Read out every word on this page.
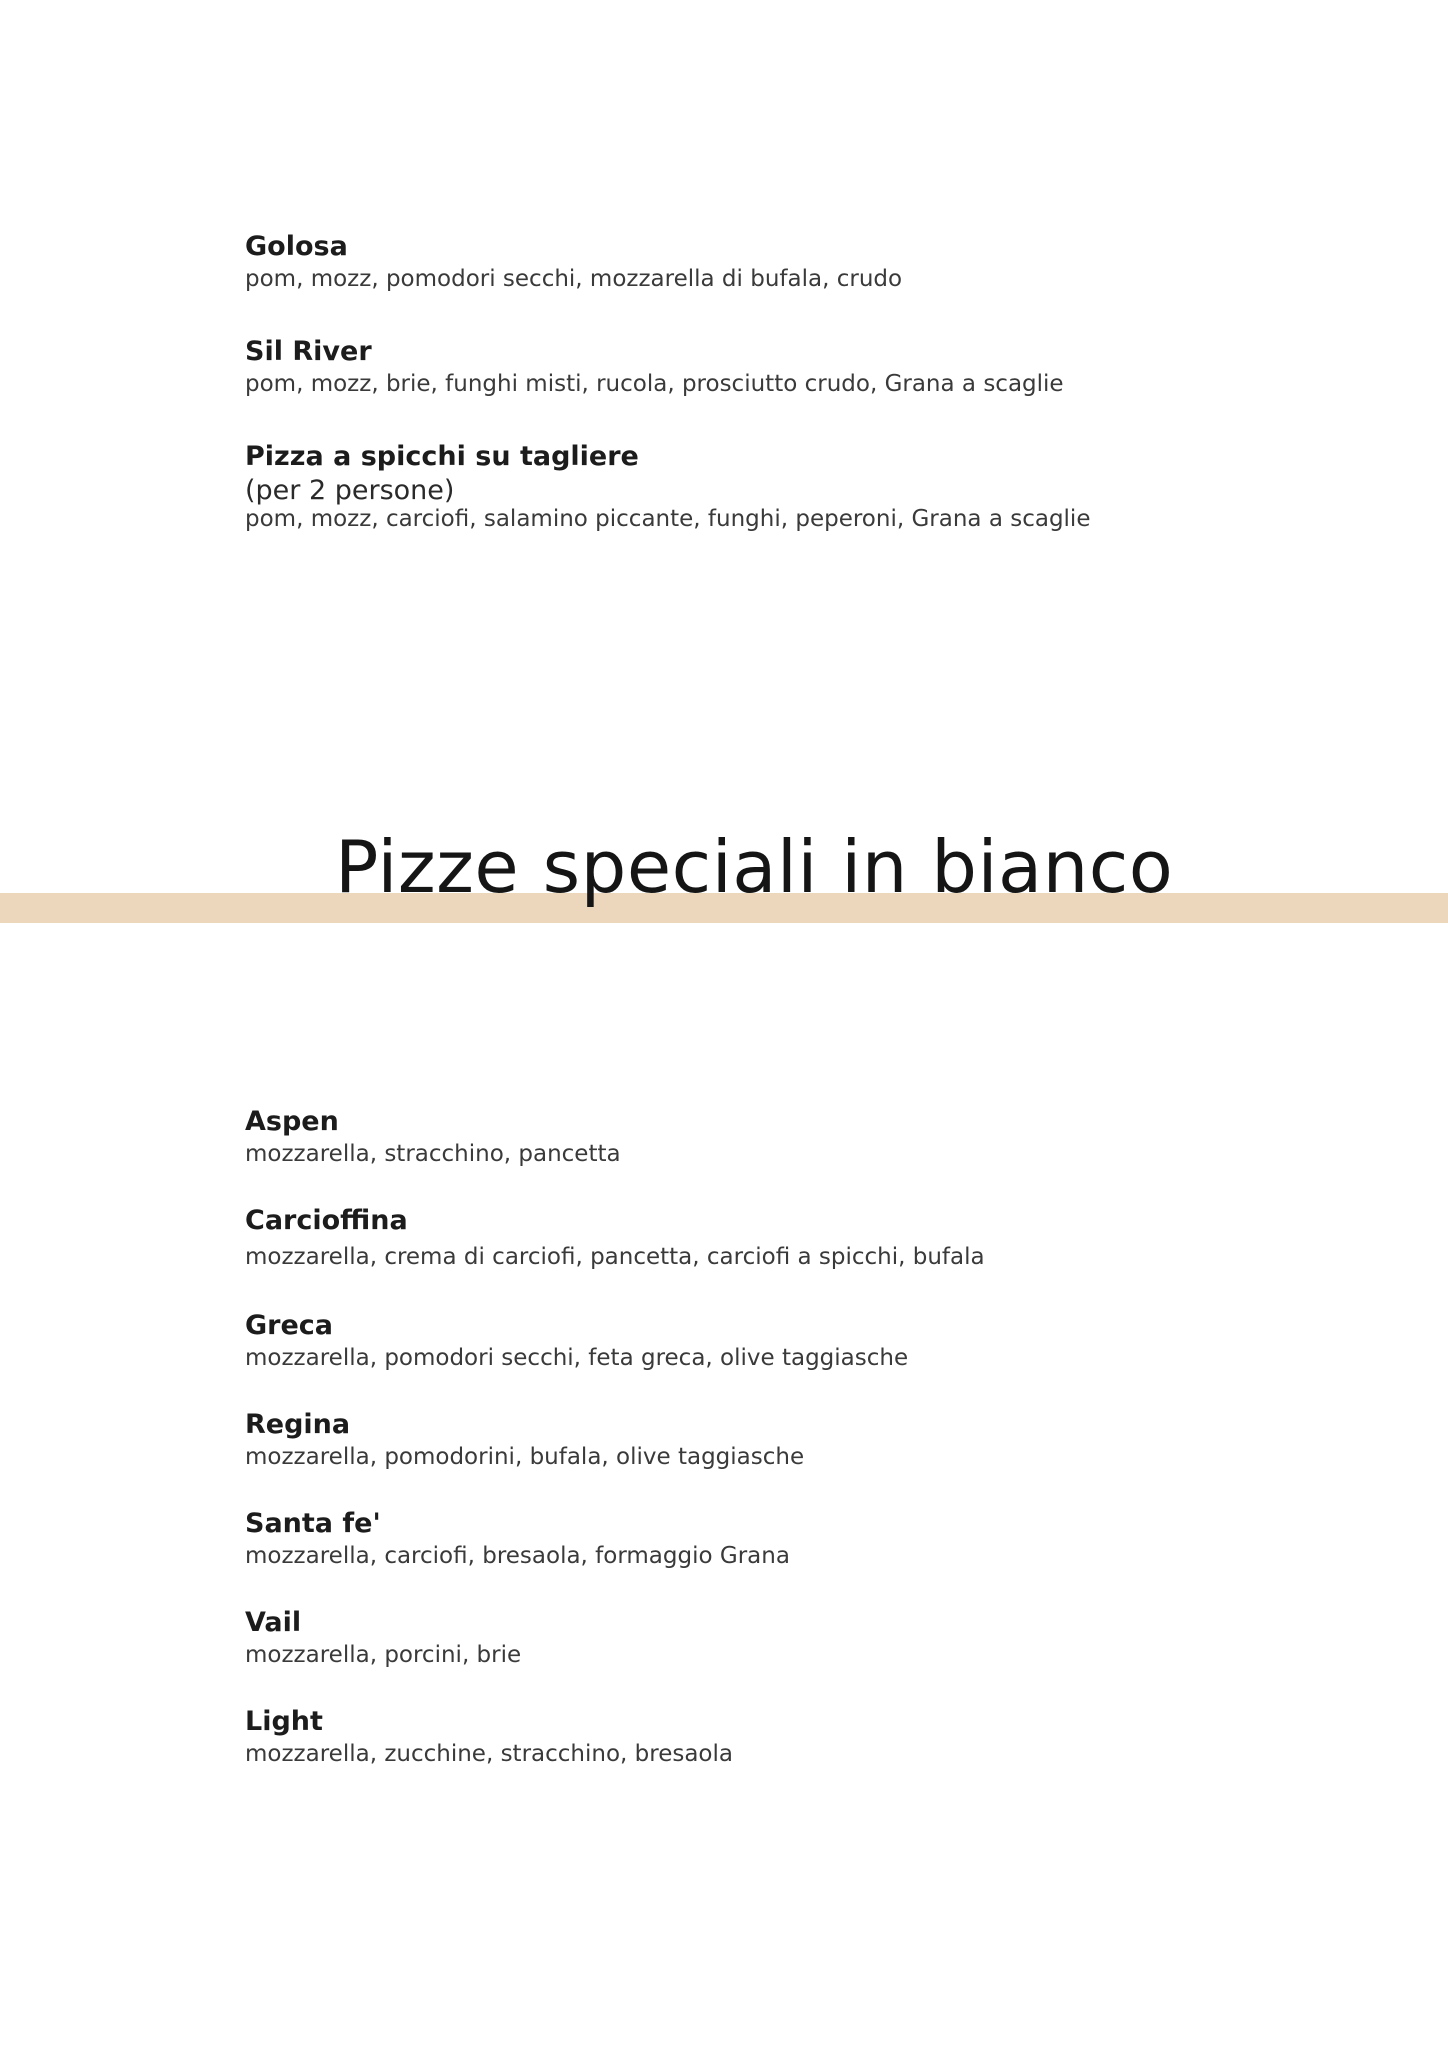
Golosa
pom, mozz, pomodori secchi, mozzarella di bufala, crudo
Sil River
pom, mozz, brie, funghi misti, rucola, prosciutto crudo, Grana a scaglie
Pizza a spicchi su tagliere
(per 2 persone)
pom, mozz, carciofi, salamino piccante, funghi, peperoni, Grana a scaglie
Pizze speciali in bianco
Aspen
mozzarella, stracchino, pancetta
Carcioffina
mozzarella, crema di carciofi, pancetta, carciofi a spicchi, bufala
Greca
mozzarella, pomodori secchi, feta greca, olive taggiasche
Regina
mozzarella, pomodorini, bufala, olive taggiasche
Santa fe'
mozzarella, carciofi, bresaola, formaggio Grana
Vail
mozzarella, porcini, brie
Light
mozzarella, zucchine, stracchino, bresaola
